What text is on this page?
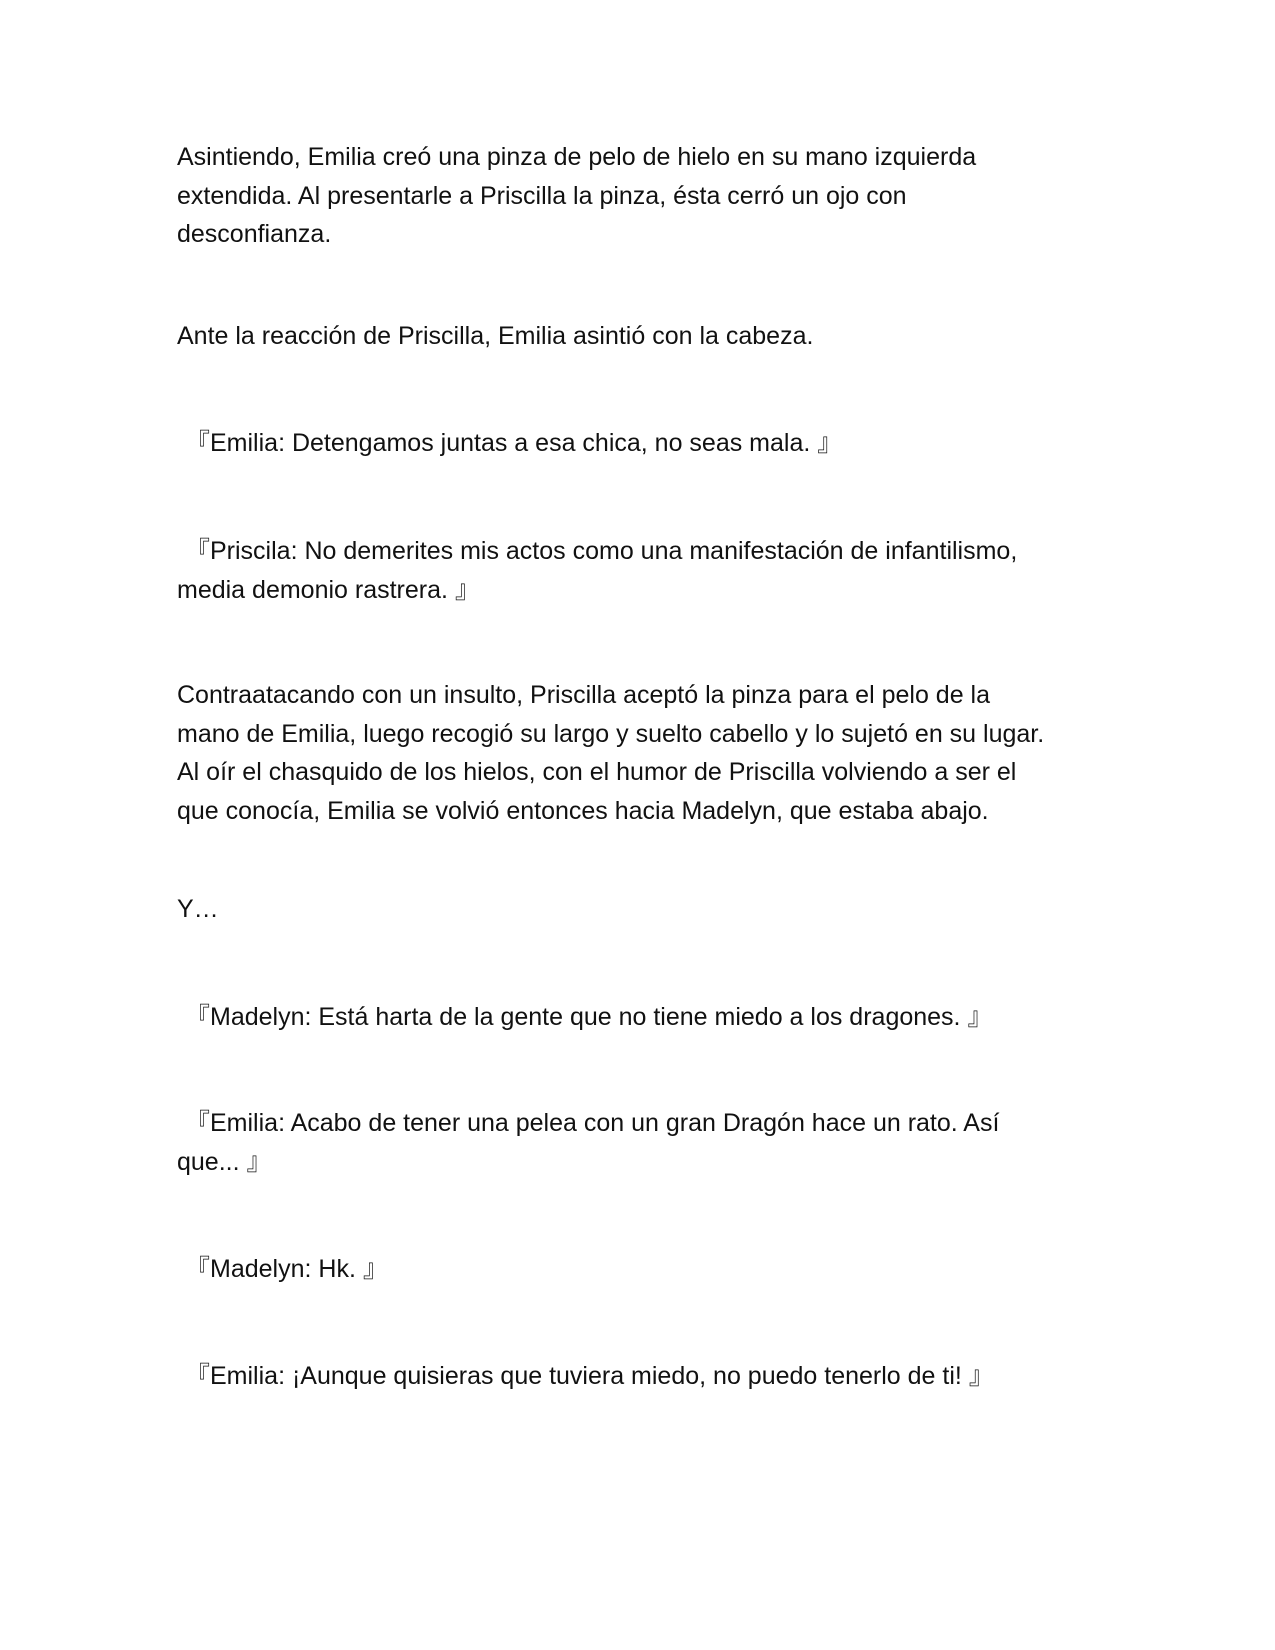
Asintiendo, Emilia creó una pinza de pelo de hielo en su mano izquierda
extendida. Al presentarle a Priscilla la pinza, ésta cerró un ojo con
desconfianza.

Ante la reacción de Priscilla, Emilia asintió con la cabeza.

『Emilia: Detengamos juntas a esa chica, no seas mala. 』

『Priscila: No demerites mis actos como una manifestación de infantilismo,
media demonio rastrera. 』

Contraatacando con un insulto, Priscilla aceptó la pinza para el pelo de la
mano de Emilia, luego recogió su largo y suelto cabello y lo sujetó en su lugar.
Al oír el chasquido de los hielos, con el humor de Priscilla volviendo a ser el
que conocía, Emilia se volvió entonces hacia Madelyn, que estaba abajo.

Y…

『Madelyn: Está harta de la gente que no tiene miedo a los dragones. 』

『Emilia: Acabo de tener una pelea con un gran Dragón hace un rato. Así
que... 』

『Madelyn: Hk. 』

『Emilia: ¡Aunque quisieras que tuviera miedo, no puedo tenerlo de ti! 』
